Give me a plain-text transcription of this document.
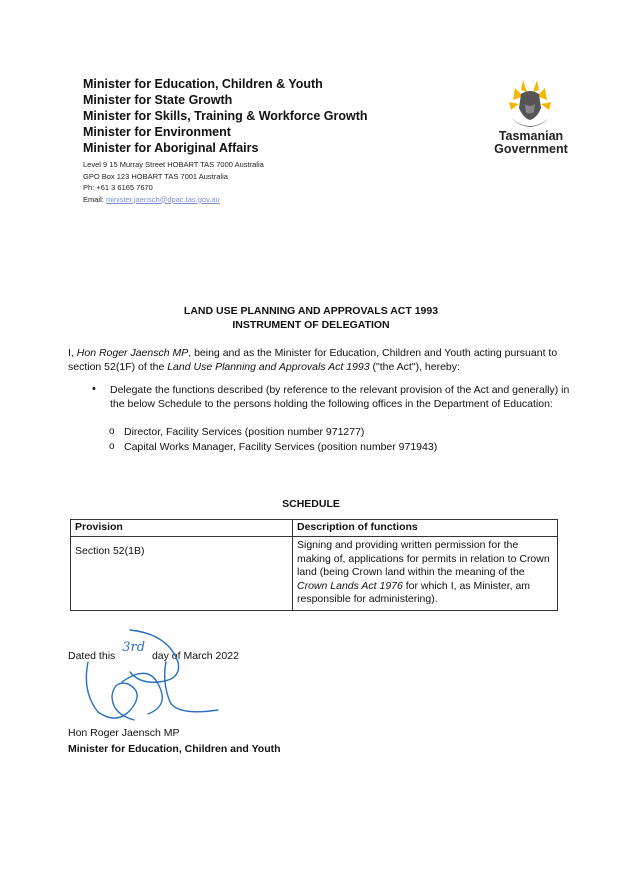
Minister for Education, Children & Youth
Minister for State Growth
Minister for Skills, Training & Workforce Growth
Minister for Environment
Minister for Aboriginal Affairs
Level 9 15 Murray Street HOBART TAS 7000 Australia
GPO Box 123 HOBART TAS 7001 Australia
Ph: +61 3 6165 7670
Email: minister.jaensch@dpac.tas.gov.au
Tasmanian
Government
LAND USE PLANNING AND APPROVALS ACT 1993
INSTRUMENT OF DELEGATION
I, Hon Roger Jaensch MP, being and as the Minister for Education, Children and Youth acting pursuant to section 52(1F) of the Land Use Planning and Approvals Act 1993 ("the Act"), hereby:
• Delegate the functions described (by reference to the relevant provision of the Act and generally) in the below Schedule to the persons holding the following offices in the Department of Education:
o Director, Facility Services (position number 971277)
o Capital Works Manager, Facility Services (position number 971943)
SCHEDULE
Provision	Description of functions
Section 52(1B)	Signing and providing written permission for the making of, applications for permits in relation to Crown land (being Crown land within the meaning of the Crown Lands Act 1976 for which I, as Minister, am responsible for administering).
Dated this 3rd day of March 2022
Hon Roger Jaensch MP
Minister for Education, Children and Youth
